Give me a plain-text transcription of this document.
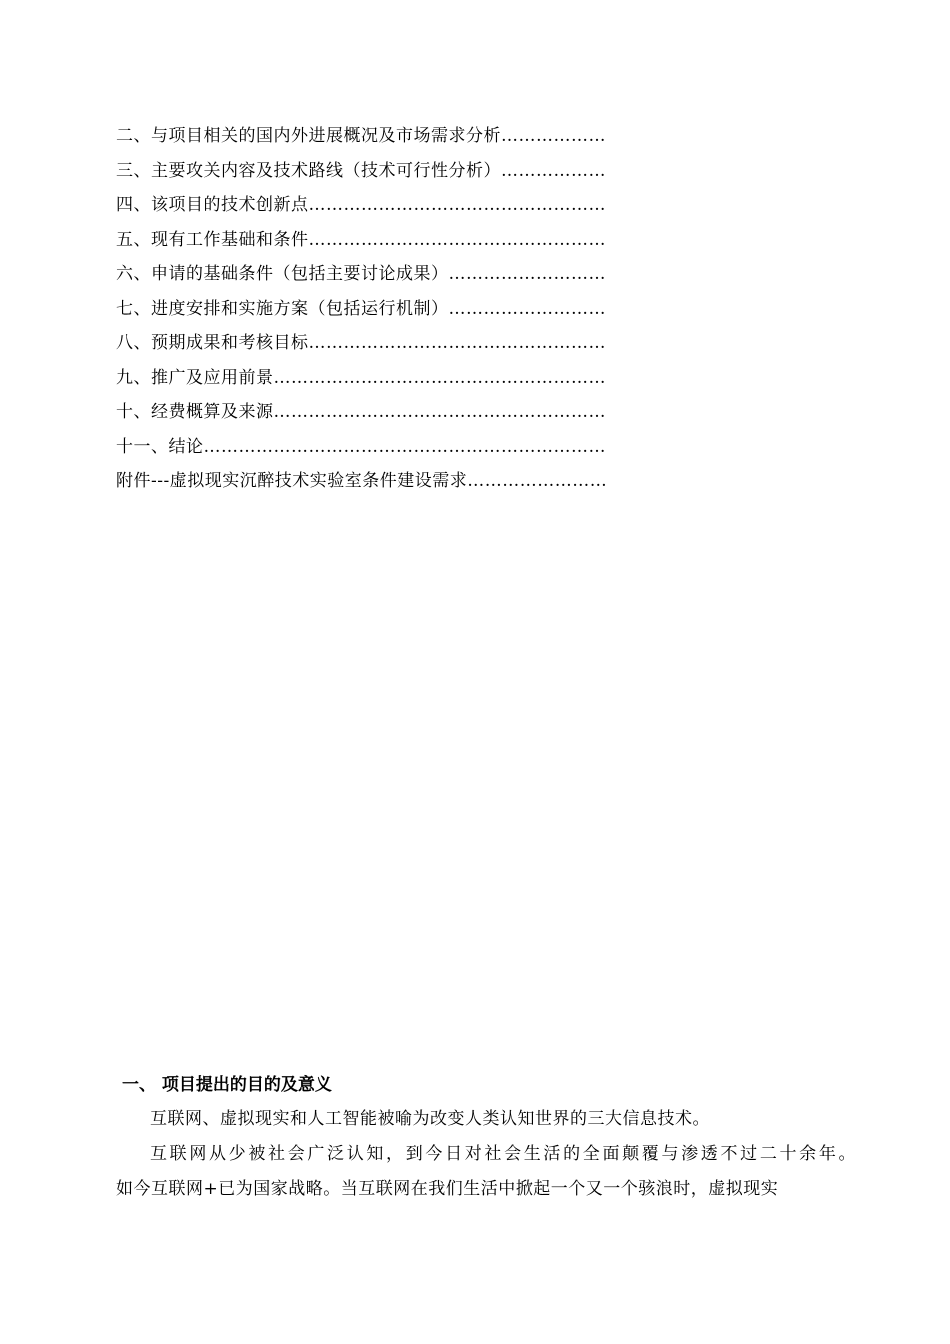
二、与项目相关的国内外进展概况及市场需求分析………………
三、主要攻关内容及技术路线（技术可行性分析）………………
四、该项目的技术创新点……………………………………………
五、现有工作基础和条件……………………………………………
六、申请的基础条件（包括主要讨论成果）………………………
七、进度安排和实施方案（包括运行机制）………………………
八、预期成果和考核目标……………………………………………
九、推广及应用前景…………………………………………………
十、经费概算及来源…………………………………………………
十一、结论……………………………………………………………
附件---虚拟现实沉醉技术实验室条件建设需求……………………
一、 项目提出的目的及意义

互联网、虚拟现实和人工智能被喻为改变人类认知世界的三大信息技术。

互联网从少被社会广泛认知，到今日对社会生活的全面颠覆与渗透不过二十余年。

如今互联网+已为国家战略。当互联网在我们生活中掀起一个又一个骇浪时，虚拟现实
